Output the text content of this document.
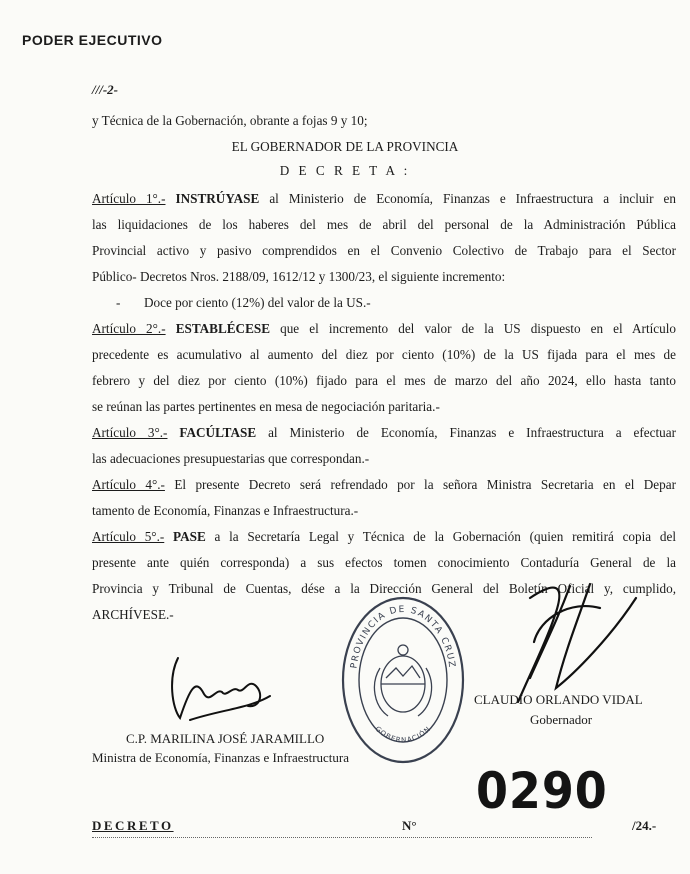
PODER EJECUTIVO
///-2-
y Técnica de la Gobernación, obrante a fojas 9 y 10;
EL GOBERNADOR DE LA PROVINCIA
D E C R E T A :
Artículo 1°.- INSTRÚYASE al Ministerio de Economía, Finanzas e Infraestructura a incluir en
las liquidaciones de los haberes del mes de abril del personal de la Administración Pública
Provincial activo y pasivo comprendidos en el Convenio Colectivo de Trabajo para el Sector
Público- Decretos Nros. 2188/09, 1612/12 y 1300/23, el siguiente incremento:
- Doce por ciento (12%) del valor de la US.-
Artículo 2°.- ESTABLÉCESE que el incremento del valor de la US dispuesto en el Artículo
precedente es acumulativo al aumento del diez por ciento (10%) de la US fijada para el mes de
febrero y del diez por ciento (10%) fijado para el mes de marzo del año 2024, ello hasta tanto
se reúnan las partes pertinentes en mesa de negociación paritaria.-
Artículo 3°.- FACÚLTASE al Ministerio de Economía, Finanzas e Infraestructura a efectuar
las adecuaciones presupuestarias que correspondan.-
Artículo 4°.- El presente Decreto será refrendado por la señora Ministra Secretaria en el Depar
tamento de Economía, Finanzas e Infraestructura.-
Artículo 5°.- PASE a la Secretaría Legal y Técnica de la Gobernación (quien remitirá copia del
presente ante quién corresponda) a sus efectos tomen conocimiento Contaduría General de la
Provincia y Tribunal de Cuentas, dése a la Dirección General del Boletín Oficial y, cumplido,
ARCHÍVESE.-
PROVINCIA DE SANTA CRUZ
GOBERNACIÓN
CLAUDIO ORLANDO VIDAL
Gobernador
C.P. MARILINA JOSÉ JARAMILLO
Ministra de Economía, Finanzas e Infraestructura
0290
DECRETO	N°	/24.-
